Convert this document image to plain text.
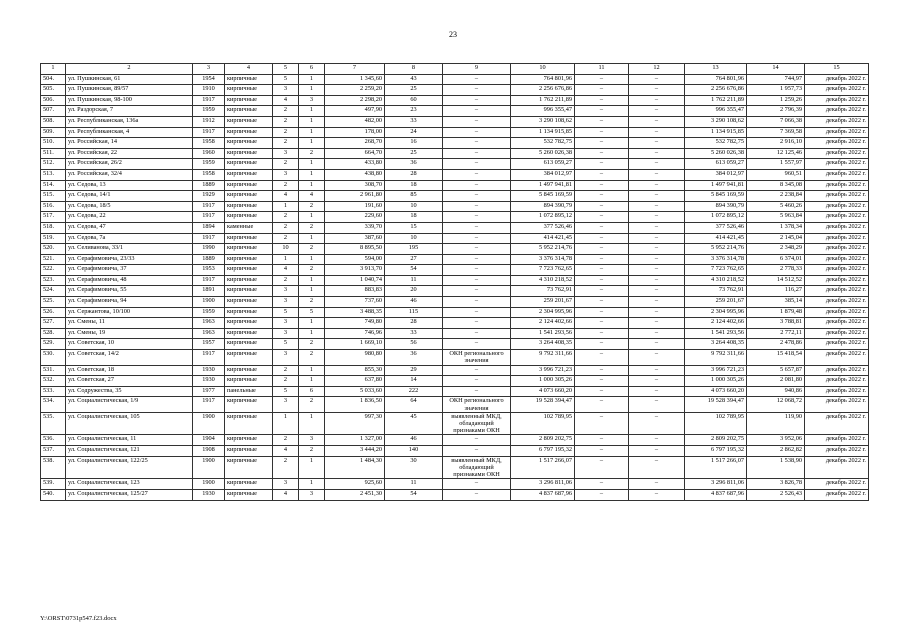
23
1	2	3	4	5	6	7	8	9	10	11	12	13	14	15
504.	ул. Пушкинская, 61	1954	кирпичные	5	1	1 345,60	43	–	764 801,96	–	–	764 801,96	744,97	декабрь 2022 г.
505.	ул. Пушкинская, 89/57	1910	кирпичные	3	1	2 259,20	25	–	2 256 676,86	–	–	2 256 676,86	1 957,73	декабрь 2022 г.
506.	ул. Пушкинская, 98-100	1917	кирпичные	4	3	2 298,20	60	–	1 762 211,89	–	–	1 762 211,89	1 259,26	декабрь 2022 г.
507.	ул. Раздорская, 7	1959	кирпичные	2	1	497,90	23	–	996 355,47	–	–	996 355,47	2 796,39	декабрь 2022 г.
508.	ул. Республиканская, 136а	1912	кирпичные	2	1	482,00	33	–	3 290 108,62	–	–	3 290 108,62	7 066,38	декабрь 2022 г.
509.	ул. Республиканская, 4	1917	кирпичные	2	1	178,00	24	–	1 134 915,85	–	–	1 134 915,85	7 369,58	декабрь 2022 г.
510.	ул. Российская, 14	1958	кирпичные	2	1	268,70	16	–	532 782,75	–	–	532 782,75	2 916,10	декабрь 2022 г.
511.	ул. Российская, 22	1960	кирпичные	3	2	664,70	25	–	5 260 026,38	–	–	5 260 026,38	12 125,46	декабрь 2022 г.
512.	ул. Российская, 26/2	1959	кирпичные	2	1	433,80	36	–	613 059,27	–	–	613 059,27	1 557,97	декабрь 2022 г.
513.	ул. Российская, 32/4	1958	кирпичные	3	1	438,80	28	–	384 012,97	–	–	384 012,97	960,51	декабрь 2022 г.
514.	ул. Седова, 13	1889	кирпичные	2	1	308,70	18	–	1 497 941,81	–	–	1 497 941,81	8 345,08	декабрь 2022 г.
515.	ул. Седова, 14/1	1929	кирпичные	4	4	2 961,80	85	–	5 845 169,59	–	–	5 845 169,59	2 238,84	декабрь 2022 г.
516.	ул. Седова, 18/5	1917	кирпичные	1	2	191,60	10	–	894 390,79	–	–	894 390,79	5 460,26	декабрь 2022 г.
517.	ул. Седова, 22	1917	кирпичные	2	1	229,60	18	–	1 072 895,12	–	–	1 072 895,12	5 963,84	декабрь 2022 г.
518.	ул. Седова, 47	1894	каменные	2	2	339,70	15	–	377 526,46	–	–	377 526,46	1 378,34	декабрь 2022 г.
519.	ул. Седова, 7а	1917	кирпичные	2	1	387,60	10	–	414 421,45	–	–	414 421,45	2 145,04	декабрь 2022 г.
520.	ул. Селивановa, 33/1	1990	кирпичные	10	2	8 895,50	195	–	5 952 214,76	–	–	5 952 214,76	2 348,29	декабрь 2022 г.
521.	ул. Серафимовича, 23/33	1889	кирпичные	1	1	594,00	27	–	3 376 314,78	–	–	3 376 314,78	6 374,01	декабрь 2022 г.
522.	ул. Серафимовича, 37	1953	кирпичные	4	2	3 913,70	54	–	7 723 762,65	–	–	7 723 762,65	2 778,33	декабрь 2022 г.
523.	ул. Серафимовича, 48	1917	кирпичные	2	1	1 040,74	11	–	4 310 218,52	–	–	4 310 218,52	14 512,52	декабрь 2022 г.
524.	ул. Серафимовича, 55	1891	кирпичные	3	1	883,83	20	–	73 762,91	–	–	73 762,91	116,27	декабрь 2022 г.
525.	ул. Серафимовича, 94	1900	кирпичные	3	2	737,60	46	–	259 201,67	–	–	259 201,67	385,14	декабрь 2022 г.
526.	ул. Сержантова, 10/100	1959	кирпичные	5	5	3 488,35	115	–	2 304 995,96	–	–	2 304 995,96	1 879,48	декабрь 2022 г.
527.	ул. Смены, 11	1963	кирпичные	3	1	749,80	28	–	2 124 402,66	–	–	2 124 402,66	3 788,81	декабрь 2022 г.
528.	ул. Смены, 19	1963	кирпичные	3	1	746,96	33	–	1 541 293,56	–	–	1 541 293,56	2 772,11	декабрь 2022 г.
529.	ул. Советская, 10	1957	кирпичные	5	2	1 669,10	56	–	3 264 408,35	–	–	3 264 408,35	2 478,86	декабрь 2022 г.
530.	ул. Советская, 14/2	1917	кирпичные	3	2	980,80	36	ОКН регионального значения	9 792 311,66	–	–	9 792 311,66	15 418,54	декабрь 2022 г.
531.	ул. Советская, 18	1930	кирпичные	2	1	855,30	29	–	3 996 721,23	–	–	3 996 721,23	5 657,87	декабрь 2022 г.
532.	ул. Советская, 27	1930	кирпичные	2	1	637,80	14	–	1 000 305,26	–	–	1 000 305,26	2 081,80	декабрь 2022 г.
533.	ул. Содружества, 35	1977	панельные	5	6	5 033,60	222	–	4 073 660,20	–	–	4 073 660,20	940,86	декабрь 2022 г.
534.	ул. Социалистическая, 1/9	1917	кирпичные	3	2	1 836,50	64	ОКН регионального значения	19 528 394,47	–	–	19 528 394,47	12 068,72	декабрь 2022 г.
535.	ул. Социалистическая, 105	1900	кирпичные	1	1	997,30	45	выявленный МКД, обладающий признаками ОКН	102 789,95	–	–	102 789,95	119,90	декабрь 2022 г.
536.	ул. Социалистическая, 11	1904	кирпичные	2	3	1 327,00	46	–	2 809 202,75	–	–	2 809 202,75	3 952,06	декабрь 2022 г.
537.	ул. Социалистическая, 121	1908	кирпичные	4	2	3 444,20	140	–	6 797 195,32	–	–	6 797 195,32	2 862,82	декабрь 2022 г.
538.	ул. Социалистическая, 122/25	1900	кирпичные	2	1	1 484,30	30	выявленный МКД, обладающий признаками ОКН	1 517 266,07	–	–	1 517 266,07	1 538,90	декабрь 2022 г.
539.	ул. Социалистическая, 123	1900	кирпичные	3	1	925,60	11	–	3 296 811,06	–	–	3 296 811,06	3 826,78	декабрь 2022 г.
540.	ул. Социалистическая, 125/27	1930	кирпичные	4	3	2 451,30	54	–	4 837 687,96	–	–	4 837 687,96	2 526,43	декабрь 2022 г.
Y:\ORST\0731p547.f23.docx
